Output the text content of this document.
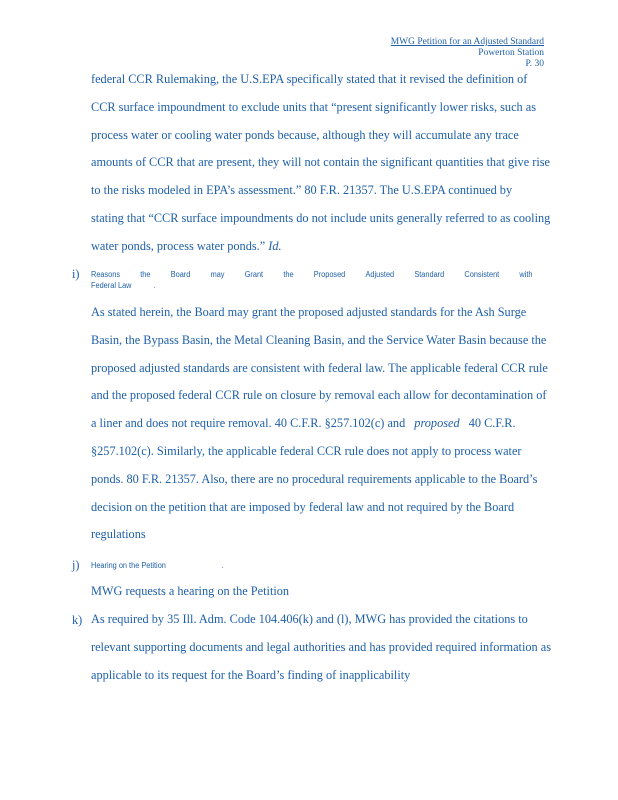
MWG Petition for an Adjusted Standard
Powerton Station
P. 30
federal CCR Rulemaking, the U.S.EPA specifically stated that it revised the definition of
CCR surface impoundment to exclude units that “present significantly lower risks, such as
process water or cooling water ponds because, although they will accumulate any trace
amounts of CCR that are present, they will not contain the significant quantities that give rise
to the risks modeled in EPA’s assessment.” 80 F.R. 21357. The U.S.EPA continued by
stating that “CCR surface impoundments do not include units generally referred to as cooling
water ponds, process water ponds.” Id.
i) Reasons	the	Board	may	Grant	the	Proposed	Adjusted	Standard	Consistent	with
Federal Law	.
As stated herein, the Board may grant the proposed adjusted standards for the Ash Surge
Basin, the Bypass Basin, the Metal Cleaning Basin, and the Service Water Basin because the
proposed adjusted standards are consistent with federal law. The applicable federal CCR rule
and the proposed federal CCR rule on closure by removal each allow for decontamination of
a liner and does not require removal. 40 C.F.R. §257.102(c) and proposed 40 C.F.R.
§257.102(c). Similarly, the applicable federal CCR rule does not apply to process water
ponds. 80 F.R. 21357. Also, there are no procedural requirements applicable to the Board’s
decision on the petition that are imposed by federal law and not required by the Board
regulations
j) Hearing on the Petition	.
MWG requests a hearing on the Petition
k) As required by 35 Ill. Adm. Code 104.406(k) and (l), MWG has provided the citations to
relevant supporting documents and legal authorities and has provided required information as
applicable to its request for the Board’s finding of inapplicability
